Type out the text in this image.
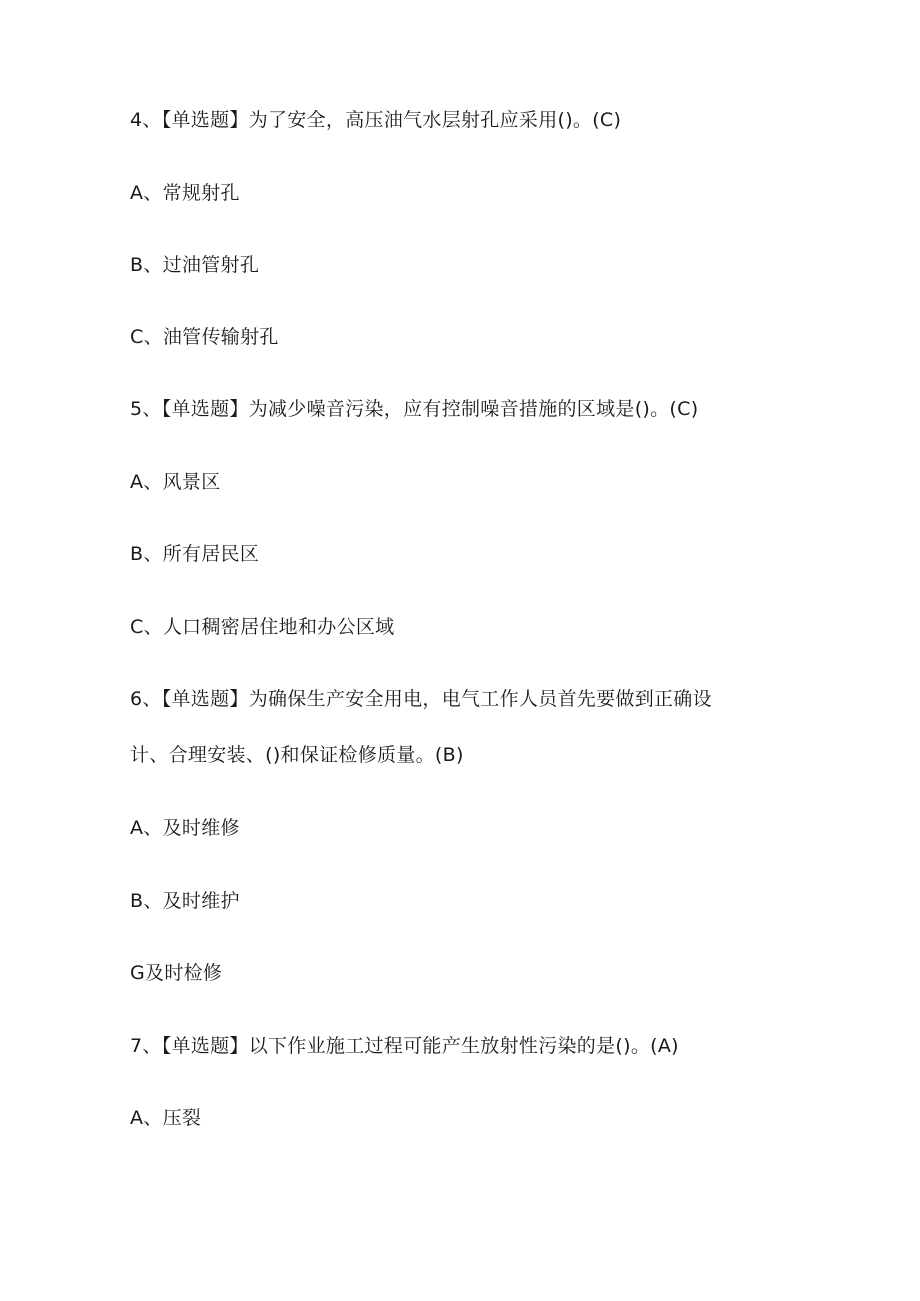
4、【单选题】为了安全，高压油气水层射孔应采用()。(C)
A、常规射孔
B、过油管射孔
C、油管传输射孔
5、【单选题】为减少噪音污染，应有控制噪音措施的区域是()。(C)
A、风景区
B、所有居民区
C、人口稠密居住地和办公区域
6、【单选题】为确保生产安全用电，电气工作人员首先要做到正确设
计、合理安装、()和保证检修质量。(B)
A、及时维修
B、及时维护
G及时检修
7、【单选题】以下作业施工过程可能产生放射性污染的是()。(A)
A、压裂
